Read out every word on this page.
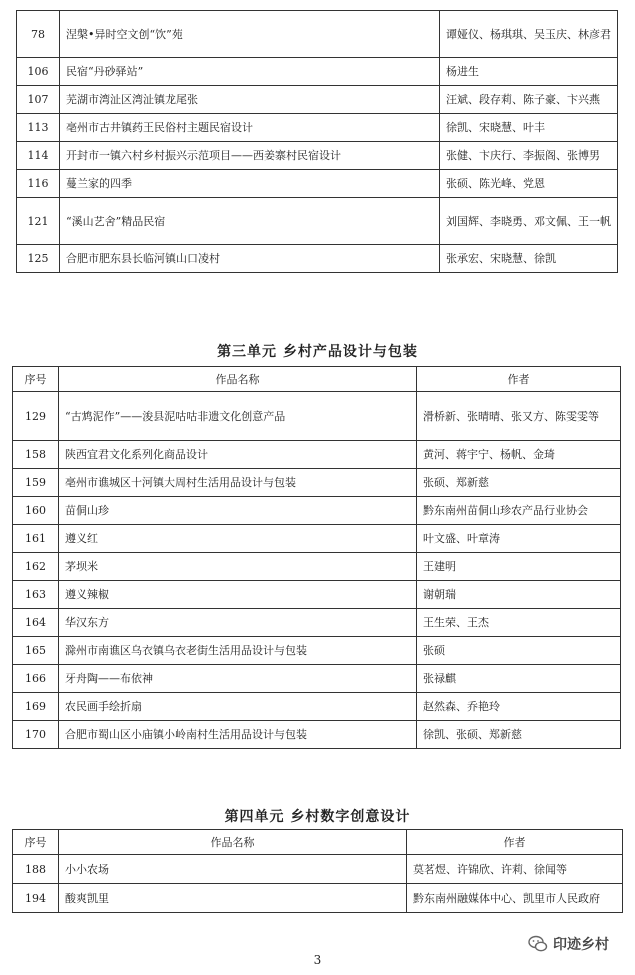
78	涅槃•异时空文创“饮”苑	谭娅仪、杨琪琪、吴玉庆、林彦君
106	民宿“丹砂驿站”	杨进生
107	芜湖市湾沚区湾沚镇龙尾张	汪斌、段存莉、陈子豪、卞兴燕
113	亳州市古井镇药王民俗村主题民宿设计	徐凯、宋晓慧、叶丰
114	开封市一镇六村乡村振兴示范项目——西姜寨村民宿设计	张健、卞庆行、李振阁、张博男
116	蔓兰家的四季	张硕、陈光峰、党恩
121	“溪山艺舍”精品民宿	刘国辉、李晓勇、邓文佩、王一帆
125	合肥市肥东县长临河镇山口凌村	张承宏、宋晓慧、徐凯
第三单元 乡村产品设计与包装
序号	作品名称	作者
129	“古鸩泥作”——浚县泥咕咕非遗文化创意产品	滑桥新、张晴晴、张又方、陈雯雯等
158	陕西宜君文化系列化商品设计	黄河、蒋宇宁、杨帆、金琦
159	亳州市谯城区十河镇大周村生活用品设计与包装	张硕、郑新慈
160	苗侗山珍	黔东南州苗侗山珍农产品行业协会
161	遵义红	叶文盛、叶章涛
162	茅坝米	王建明
163	遵义辣椒	谢朝瑞
164	华汉东方	王生荣、王杰
165	滁州市南谯区乌衣镇乌衣老街生活用品设计与包装	张硕
166	牙舟陶——布依神	张禄麒
169	农民画手绘折扇	赵然森、乔艳玲
170	合肥市蜀山区小庙镇小岭南村生活用品设计与包装	徐凯、张硕、郑新慈
第四单元 乡村数字创意设计
序号	作品名称	作者
188	小小农场	莫茗煜、许锦欣、许莉、徐闻等
194	酸爽凯里	黔东南州融媒体中心、凯里市人民政府
印迹乡村
3
